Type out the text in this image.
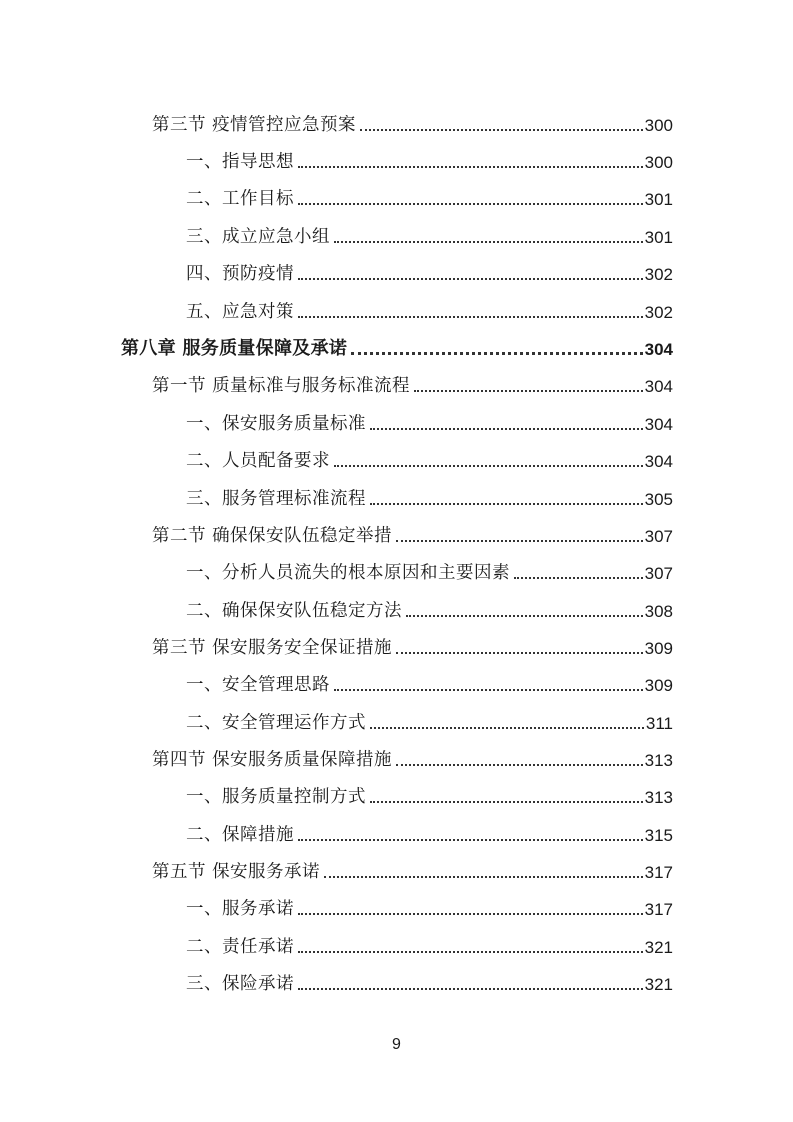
第三节 疫情管控应急预案	300
一、指导思想	300
二、工作目标	301
三、成立应急小组	301
四、预防疫情	302
五、应急对策	302
第八章 服务质量保障及承诺	304
第一节 质量标准与服务标准流程	304
一、保安服务质量标准	304
二、人员配备要求	304
三、服务管理标准流程	305
第二节 确保保安队伍稳定举措	307
一、分析人员流失的根本原因和主要因素	307
二、确保保安队伍稳定方法	308
第三节 保安服务安全保证措施	309
一、安全管理思路	309
二、安全管理运作方式	311
第四节 保安服务质量保障措施	313
一、服务质量控制方式	313
二、保障措施	315
第五节 保安服务承诺	317
一、服务承诺	317
二、责任承诺	321
三、保险承诺	321
9
